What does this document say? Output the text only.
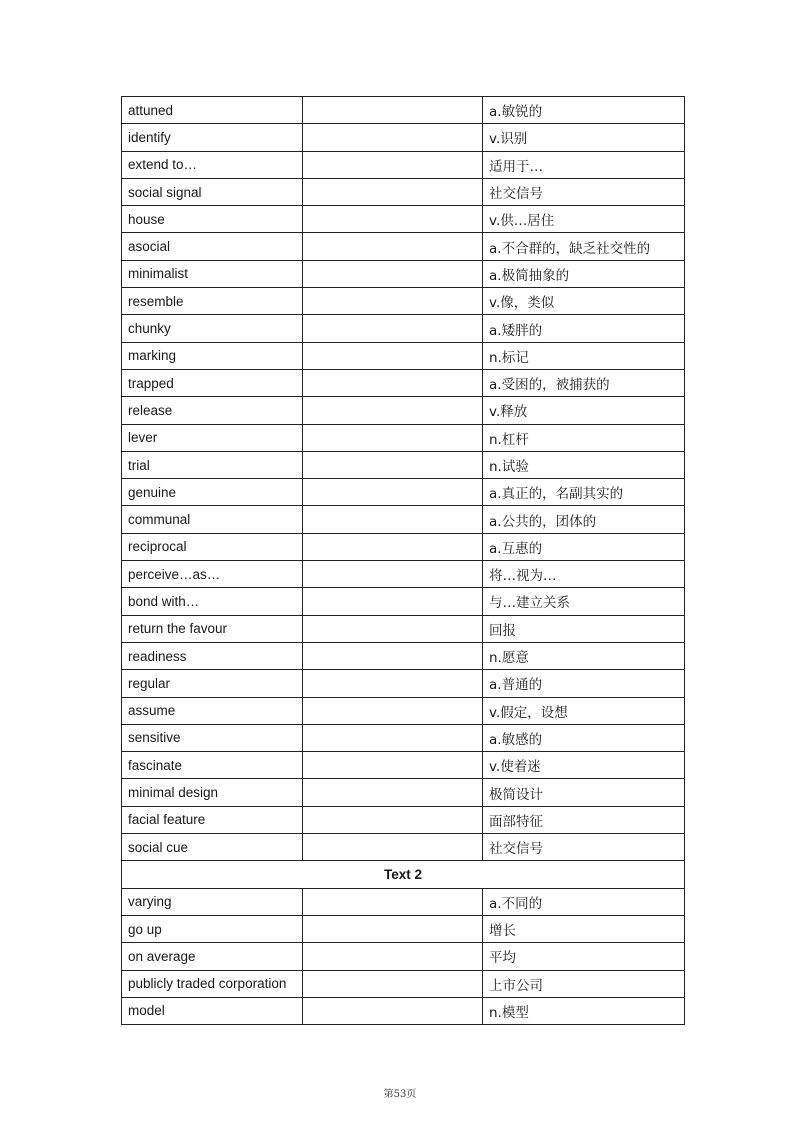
attuned		a.敏锐的
identify		v.识别
extend to…		适用于…
social signal		社交信号
house		v.供…居住
asocial		a.不合群的，缺乏社交性的
minimalist		a.极简抽象的
resemble		v.像，类似
chunky		a.矮胖的
marking		n.标记
trapped		a.受困的，被捕获的
release		v.释放
lever		n.杠杆
trial		n.试验
genuine		a.真正的，名副其实的
communal		a.公共的，团体的
reciprocal		a.互惠的
perceive…as…		将…视为…
bond with…		与…建立关系
return the favour		回报
readiness		n.愿意
regular		a.普通的
assume		v.假定，设想
sensitive		a.敏感的
fascinate		v.使着迷
minimal design		极简设计
facial feature		面部特征
social cue		社交信号
Text 2		
varying		a.不同的
go up		增长
on average		平均
publicly traded corporation		上市公司
model		n.模型
第53页
